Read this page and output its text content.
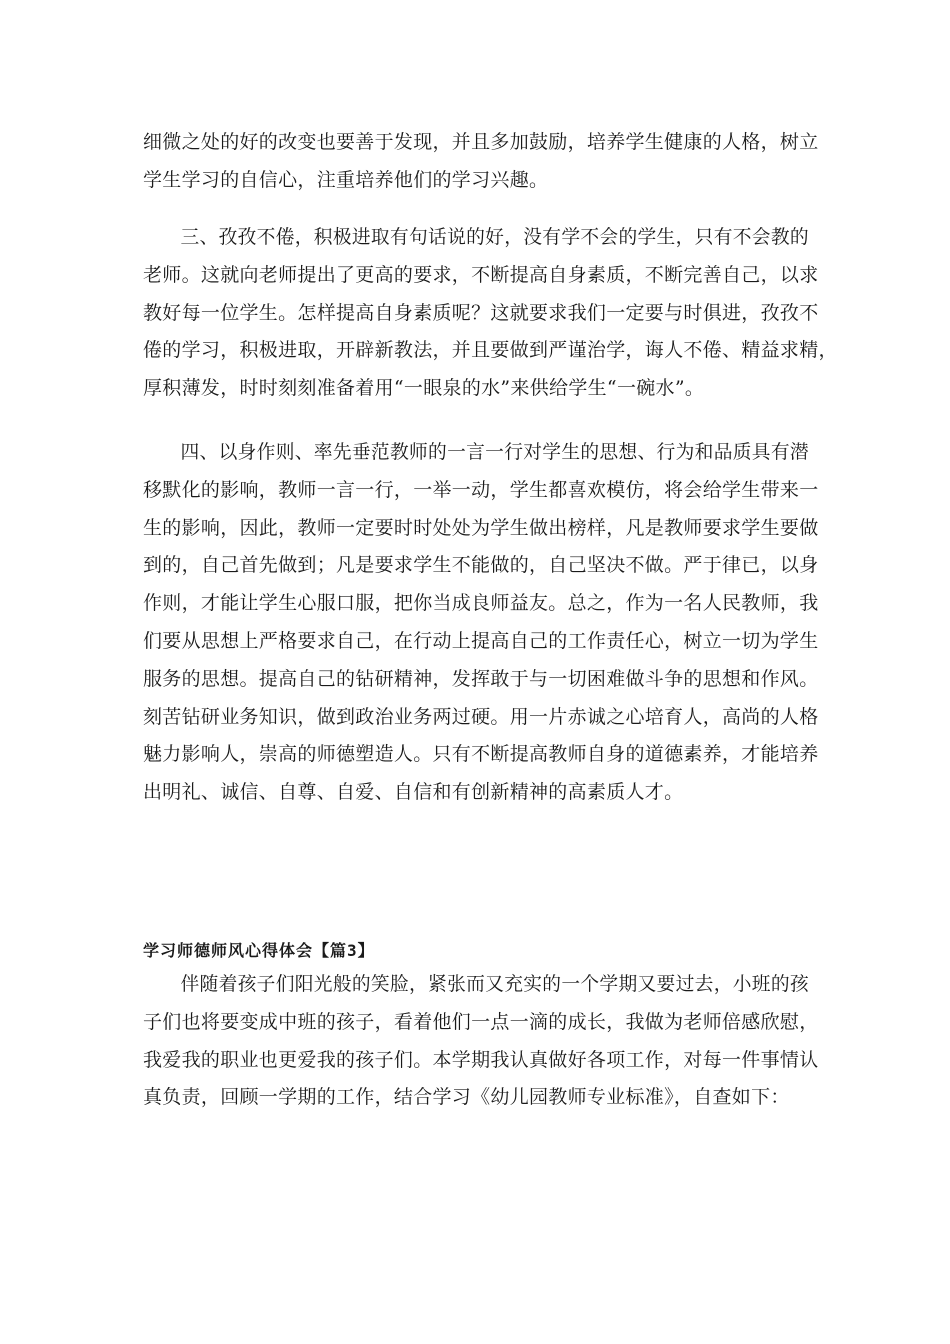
细微之处的好的改变也要善于发现，并且多加鼓励，培养学生健康的人格，树立
学生学习的自信心，注重培养他们的学习兴趣。

三、孜孜不倦，积极进取有句话说的好，没有学不会的学生，只有不会教的
老师。这就向老师提出了更高的要求，不断提高自身素质，不断完善自己，以求
教好每一位学生。怎样提高自身素质呢？这就要求我们一定要与时俱进，孜孜不
倦的学习，积极进取，开辟新教法，并且要做到严谨治学，诲人不倦、精益求精，
厚积薄发，时时刻刻准备着用“一眼泉的水”来供给学生“一碗水”。

四、以身作则、率先垂范教师的一言一行对学生的思想、行为和品质具有潜
移默化的影响，教师一言一行，一举一动，学生都喜欢模仿，将会给学生带来一
生的影响，因此，教师一定要时时处处为学生做出榜样，凡是教师要求学生要做
到的，自己首先做到；凡是要求学生不能做的，自己坚决不做。严于律已，以身
作则，才能让学生心服口服，把你当成良师益友。总之，作为一名人民教师，我
们要从思想上严格要求自己，在行动上提高自己的工作责任心，树立一切为学生
服务的思想。提高自己的钻研精神，发挥敢于与一切困难做斗争的思想和作风。
刻苦钻研业务知识，做到政治业务两过硬。用一片赤诚之心培育人，高尚的人格
魅力影响人，崇高的师德塑造人。只有不断提高教师自身的道德素养，才能培养
出明礼、诚信、自尊、自爱、自信和有创新精神的高素质人才。

学习师德师风心得体会【篇3】

伴随着孩子们阳光般的笑脸，紧张而又充实的一个学期又要过去，小班的孩
子们也将要变成中班的孩子，看着他们一点一滴的成长，我做为老师倍感欣慰，
我爱我的职业也更爱我的孩子们。本学期我认真做好各项工作，对每一件事情认
真负责，回顾一学期的工作，结合学习《幼儿园教师专业标准》，自查如下：
